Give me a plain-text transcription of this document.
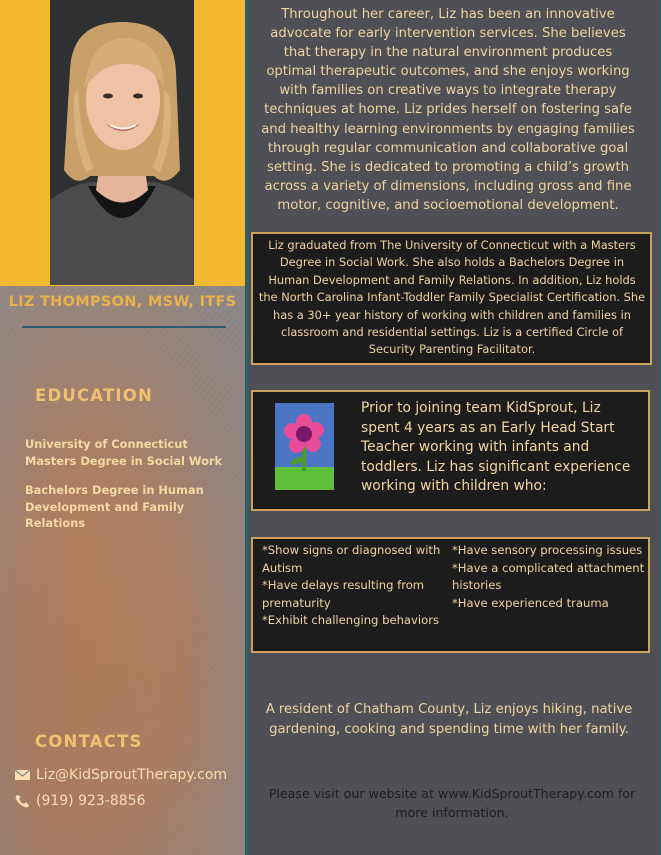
LIZ THOMPSON, MSW, ITFS
EDUCATION
University of Connecticut Masters Degree in Social Work
Bachelors Degree in Human Development and Family Relations
CONTACTS
Liz@KidSproutTherapy.com
(919) 923-8856
Throughout her career, Liz has been an innovative advocate for early intervention services. She believes that therapy in the natural environment produces optimal therapeutic outcomes, and she enjoys working with families on creative ways to integrate therapy techniques at home. Liz prides herself on fostering safe and healthy learning environments by engaging families through regular communication and collaborative goal setting. She is dedicated to promoting a child’s growth across a variety of dimensions, including gross and fine motor, cognitive, and socioemotional development.
Liz graduated from The University of Connecticut with a Masters Degree in Social Work. She also holds a Bachelors Degree in Human Development and Family Relations. In addition, Liz holds the North Carolina Infant-Toddler Family Specialist Certification. She has a 30+ year history of working with children and families in classroom and residential settings. Liz is a certified Circle of Security Parenting Facilitator.
Prior to joining team KidSprout, Liz spent 4 years as an Early Head Start Teacher working with infants and toddlers. Liz has significant experience working with children who:
*Show signs or diagnosed with Autism
*Have delays resulting from prematurity
*Exhibit challenging behaviors
*Have sensory processing issues
*Have a complicated attachment histories
*Have experienced trauma
A resident of Chatham County, Liz enjoys hiking, native gardening, cooking and spending time with her family.
Please visit our website at www.KidSproutTherapy.com for more information.
